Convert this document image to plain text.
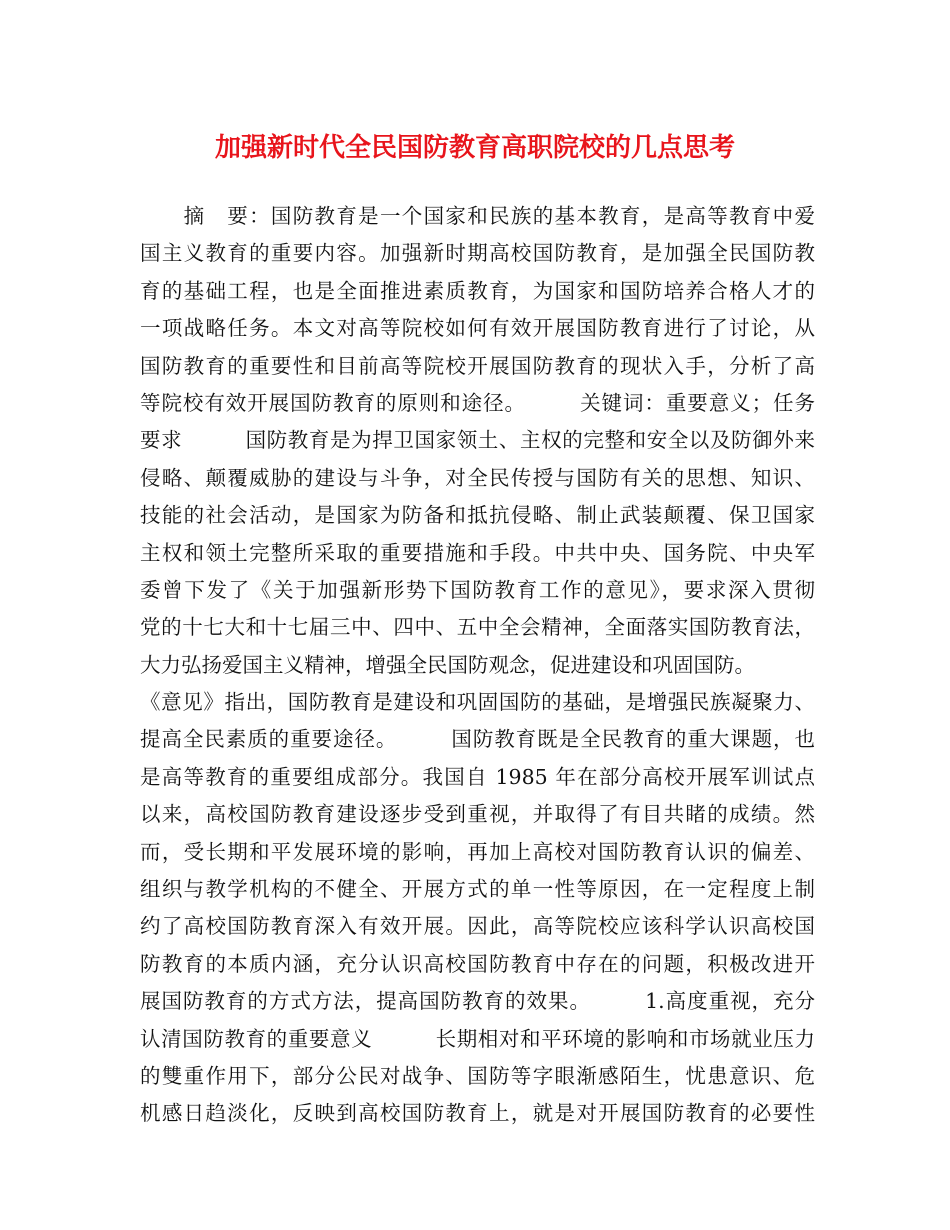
加强新时代全民国防教育高职院校的几点思考
　　摘　要：国防教育是一个国家和民族的基本教育，是高等教育中爱
国主义教育的重要内容。加强新时期高校国防教育，是加强全民国防教
育的基础工程，也是全面推进素质教育，为国家和国防培养合格人才的
一项战略任务。本文对高等院校如何有效开展国防教育进行了讨论，从
国防教育的重要性和目前高等院校开展国防教育的现状入手，分析了高
等院校有效开展国防教育的原则和途径。　　　关键词：重要意义；任务
要求　　　国防教育是为捍卫国家领土、主权的完整和安全以及防御外来
侵略、颠覆威胁的建设与斗争，对全民传授与国防有关的思想、知识、
技能的社会活动，是国家为防备和抵抗侵略、制止武装颠覆、保卫国家
主权和领土完整所采取的重要措施和手段。中共中央、国务院、中央军
委曾下发了《关于加强新形势下国防教育工作的意见》，要求深入贯彻
党的十七大和十七届三中、四中、五中全会精神，全面落实国防教育法，
大力弘扬爱国主义精神，增强全民国防观念，促进建设和巩固国防。
《意见》指出，国防教育是建设和巩固国防的基础，是增强民族凝聚力、
提高全民素质的重要途径。　　　国防教育既是全民教育的重大课题，也
是高等教育的重要组成部分。我国自 1985 年在部分高校开展军训试点
以来，高校国防教育建设逐步受到重视，并取得了有目共睹的成绩。然
而，受长期和平发展环境的影响，再加上高校对国防教育认识的偏差、
组织与教学机构的不健全、开展方式的单一性等原因，在一定程度上制
约了高校国防教育深入有效开展。因此，高等院校应该科学认识高校国
防教育的本质内涵，充分认识高校国防教育中存在的问题，积极改进开
展国防教育的方式方法，提高国防教育的效果。　　　1.高度重视，充分
认清国防教育的重要意义　　　长期相对和平环境的影响和市场就业压力
的雙重作用下，部分公民对战争、国防等字眼渐感陌生，忧患意识、危
机感日趋淡化，反映到高校国防教育上，就是对开展国防教育的必要性
